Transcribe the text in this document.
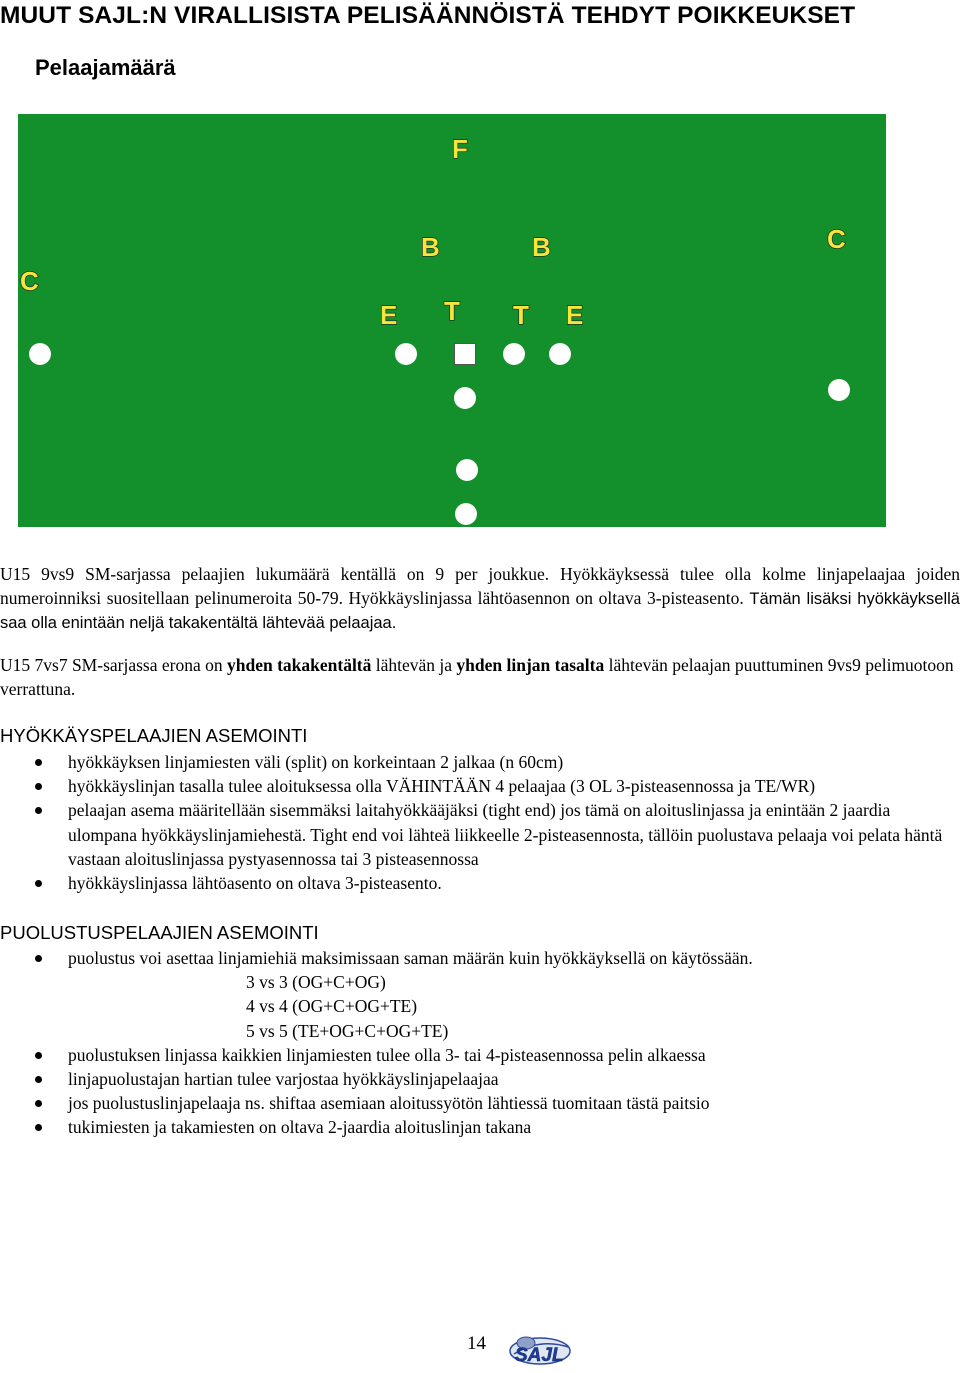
MUUT SAJL:N VIRALLISISTA PELISÄÄNNÖISTÄ TEHDYT POIKKEUKSET
Pelaajamäärä
F
B	B
C
C
E T T E
U15 9vs9 SM-sarjassa pelaajien lukumäärä kentällä on 9 per joukkue. Hyökkäyksessä tulee olla kolme linjapelaajaa joiden numeroinniksi suositellaan pelinumeroita 50-79. Hyökkäyslinjassa lähtöasennon on oltava 3-pisteasento. Tämän lisäksi hyökkäyksellä saa olla enintään neljä takakentältä lähtevää pelaajaa.
U15 7vs7 SM-sarjassa erona on yhden takakentältä lähtevän ja yhden linjan tasalta lähtevän pelaajan puuttuminen 9vs9 pelimuotoon verrattuna.
HYÖKKÄYSPELAAJIEN ASEMOINTI
hyökkäyksen linjamiesten väli (split) on korkeintaan 2 jalkaa (n 60cm)
hyökkäyslinjan tasalla tulee aloituksessa olla VÄHINTÄÄN 4 pelaajaa (3 OL 3-pisteasennossa ja TE/WR)
pelaajan asema määritellään sisemmäksi laitahyökkääjäksi (tight end) jos tämä on aloituslinjassa ja enintään 2 jaardia ulompana hyökkäyslinjamiehestä. Tight end voi lähteä liikkeelle 2-pisteasennosta, tällöin puolustava pelaaja voi pelata häntä vastaan aloituslinjassa pystyasennossa tai 3 pisteasennossa
hyökkäyslinjassa lähtöasento on oltava 3-pisteasento.
PUOLUSTUSPELAAJIEN ASEMOINTI
puolustus voi asettaa linjamiehiä maksimissaan saman määrän kuin hyökkäyksellä on käytössään.
3 vs 3 (OG+C+OG)
4 vs 4 (OG+C+OG+TE)
5 vs 5 (TE+OG+C+OG+TE)
puolustuksen linjassa kaikkien linjamiesten tulee olla 3- tai 4-pisteasennossa pelin alkaessa
linjapuolustajan hartian tulee varjostaa hyökkäyslinjapelaajaa
jos puolustuslinjapelaaja ns. shiftaa asemiaan aloitussyötön lähtiessä tuomitaan tästä paitsio
tukimiesten ja takamiesten on oltava 2-jaardia aloituslinjan takana
14
SAJL
